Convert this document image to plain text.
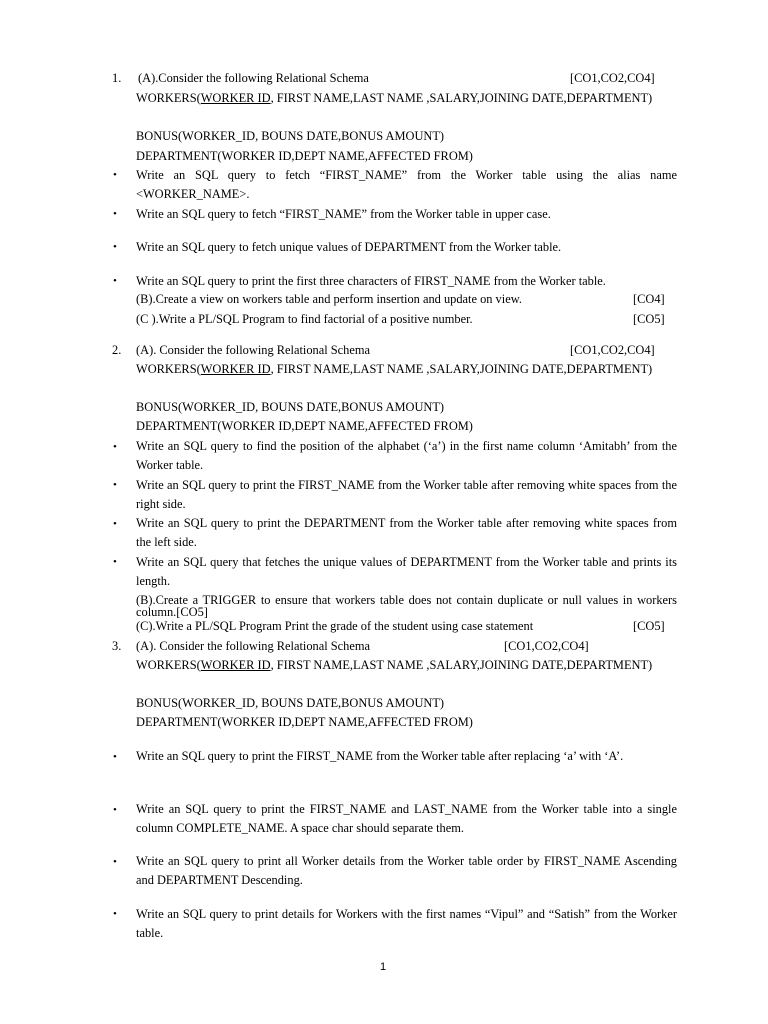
1. (A).Consider the following Relational Schema	[CO1,CO2,CO4]
WORKERS(WORKER ID, FIRST NAME,LAST NAME ,SALARY,JOINING DATE,DEPARTMENT)
BONUS(WORKER_ID, BOUNS DATE,BONUS AMOUNT)
DEPARTMENT(WORKER ID,DEPT NAME,AFFECTED FROM)
• Write an SQL query to fetch “FIRST_NAME” from the Worker table using the alias name <WORKER_NAME>.
• Write an SQL query to fetch “FIRST_NAME” from the Worker table in upper case.
• Write an SQL query to fetch unique values of DEPARTMENT from the Worker table.
• Write an SQL query to print the first three characters of FIRST_NAME from the Worker table.
(B).Create a view on workers table and perform insertion and update on view.	[CO4]
(C ).Write a PL/SQL Program to find factorial of a positive number.	[CO5]
2. (A). Consider the following Relational Schema	[CO1,CO2,CO4]
WORKERS(WORKER ID, FIRST NAME,LAST NAME ,SALARY,JOINING DATE,DEPARTMENT)
BONUS(WORKER_ID, BOUNS DATE,BONUS AMOUNT)
DEPARTMENT(WORKER ID,DEPT NAME,AFFECTED FROM)
• Write an SQL query to find the position of the alphabet (‘a’) in the first name column ‘Amitabh’ from the Worker table.
• Write an SQL query to print the FIRST_NAME from the Worker table after removing white spaces from the right side.
• Write an SQL query to print the DEPARTMENT from the Worker table after removing white spaces from the left side.
• Write an SQL query that fetches the unique values of DEPARTMENT from the Worker table and prints its length.
(B).Create a TRIGGER to ensure that workers table does not contain duplicate or null values in workers column.[CO5]
(C).Write a PL/SQL Program Print the grade of the student using case statement	[CO5]
3. (A). Consider the following Relational Schema	[CO1,CO2,CO4]
WORKERS(WORKER ID, FIRST NAME,LAST NAME ,SALARY,JOINING DATE,DEPARTMENT)
BONUS(WORKER_ID, BOUNS DATE,BONUS AMOUNT)
DEPARTMENT(WORKER ID,DEPT NAME,AFFECTED FROM)
• Write an SQL query to print the FIRST_NAME from the Worker table after replacing ‘a’ with ‘A’.
• Write an SQL query to print the FIRST_NAME and LAST_NAME from the Worker table into a single column COMPLETE_NAME. A space char should separate them.
• Write an SQL query to print all Worker details from the Worker table order by FIRST_NAME Ascending and DEPARTMENT Descending.
• Write an SQL query to print details for Workers with the first names “Vipul” and “Satish” from the Worker table.
1
